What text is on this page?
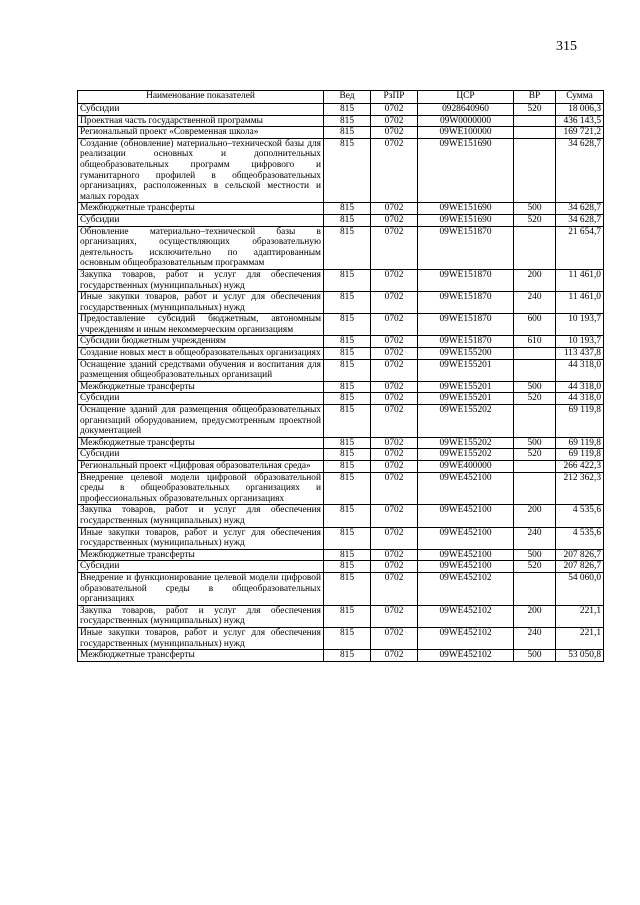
315
Наименование показателей	Вед	РзПР	ЦСР	ВР	Сумма
Субсидии	815	0702	0928640960	520	18 006,3
Проектная часть государственной программы	815	0702	09W0000000		436 143,5
Региональный проект «Современная школа»	815	0702	09WE100000		169 721,2
Создание (обновление) материально–технической базы для реализации основных и дополнительных общеобразовательных программ цифрового и гуманитарного профилей в общеобразовательных организациях, расположенных в сельской местности и малых городах	815	0702	09WE151690		34 628,7
Межбюджетные трансферты	815	0702	09WE151690	500	34 628,7
Субсидии	815	0702	09WE151690	520	34 628,7
Обновление материально–технической базы в организациях, осуществляющих образовательную деятельность исключительно по адаптированным основным общеобразовательным программам	815	0702	09WE151870		21 654,7
Закупка товаров, работ и услуг для обеспечения государственных (муниципальных) нужд	815	0702	09WE151870	200	11 461,0
Иные закупки товаров, работ и услуг для обеспечения государственных (муниципальных) нужд	815	0702	09WE151870	240	11 461,0
Предоставление субсидий бюджетным, автономным учреждениям и иным некоммерческим организациям	815	0702	09WE151870	600	10 193,7
Субсидии бюджетным учреждениям	815	0702	09WE151870	610	10 193,7
Создание новых мест в общеобразовательных организациях	815	0702	09WE155200		113 437,8
Оснащение зданий средствами обучения и воспитания для размещения общеобразовательных организаций	815	0702	09WE155201		44 318,0
Межбюджетные трансферты	815	0702	09WE155201	500	44 318,0
Субсидии	815	0702	09WE155201	520	44 318,0
Оснащение зданий для размещения общеобразовательных организаций оборудованием, предусмотренным проектной документацией	815	0702	09WE155202		69 119,8
Межбюджетные трансферты	815	0702	09WE155202	500	69 119,8
Субсидии	815	0702	09WE155202	520	69 119,8
Региональный проект «Цифровая образовательная среда»	815	0702	09WE400000		266 422,3
Внедрение целевой модели цифровой образовательной среды в общеобразовательных организациях и профессиональных образовательных организациях	815	0702	09WE452100		212 362,3
Закупка товаров, работ и услуг для обеспечения государственных (муниципальных) нужд	815	0702	09WE452100	200	4 535,6
Иные закупки товаров, работ и услуг для обеспечения государственных (муниципальных) нужд	815	0702	09WE452100	240	4 535,6
Межбюджетные трансферты	815	0702	09WE452100	500	207 826,7
Субсидии	815	0702	09WE452100	520	207 826,7
Внедрение и функционирование целевой модели цифровой образовательной среды в общеобразовательных организациях	815	0702	09WE452102		54 060,0
Закупка товаров, работ и услуг для обеспечения государственных (муниципальных) нужд	815	0702	09WE452102	200	221,1
Иные закупки товаров, работ и услуг для обеспечения государственных (муниципальных) нужд	815	0702	09WE452102	240	221,1
Межбюджетные трансферты	815	0702	09WE452102	500	53 050,8
